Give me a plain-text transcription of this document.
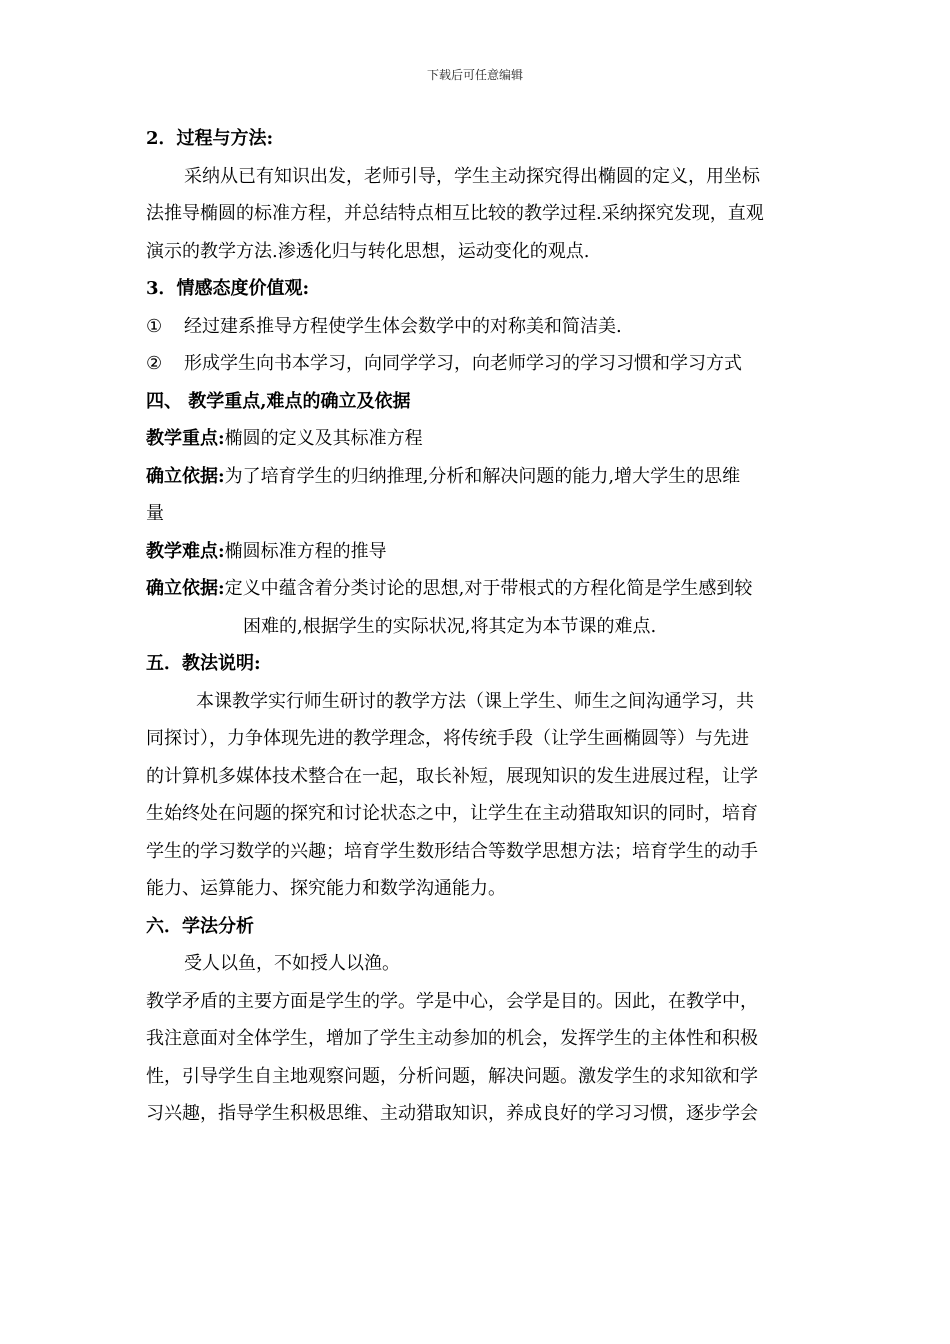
下载后可任意编辑
2．过程与方法:
采纳从已有知识出发，老师引导，学生主动探究得出椭圆的定义，用坐标
法推导椭圆的标准方程，并总结特点相互比较的教学过程.采纳探究发现，直观
演示的教学方法.渗透化归与转化思想，运动变化的观点.
3．情感态度价值观:
① 经过建系推导方程使学生体会数学中的对称美和简洁美.
② 形成学生向书本学习，向同学学习，向老师学习的学习习惯和学习方式
四、 教学重点,难点的确立及依据
教学重点:椭圆的定义及其标准方程
确立依据:为了培育学生的归纳推理,分析和解决问题的能力,增大学生的思维
量
教学难点:椭圆标准方程的推导
确立依据:定义中蕴含着分类讨论的思想,对于带根式的方程化简是学生感到较
困难的,根据学生的实际状况,将其定为本节课的难点.
五．教法说明:
本课教学实行师生研讨的教学方法（课上学生、师生之间沟通学习，共
同探讨），力争体现先进的教学理念，将传统手段（让学生画椭圆等）与先进
的计算机多媒体技术整合在一起，取长补短，展现知识的发生进展过程，让学
生始终处在问题的探究和讨论状态之中，让学生在主动猎取知识的同时，培育
学生的学习数学的兴趣；培育学生数形结合等数学思想方法；培育学生的动手
能力、运算能力、探究能力和数学沟通能力。
六．学法分析
受人以鱼，不如授人以渔。
教学矛盾的主要方面是学生的学。学是中心，会学是目的。因此，在教学中，
我注意面对全体学生，增加了学生主动参加的机会，发挥学生的主体性和积极
性，引导学生自主地观察问题，分析问题，解决问题。激发学生的求知欲和学
习兴趣，指导学生积极思维、主动猎取知识，养成良好的学习习惯，逐步学会
